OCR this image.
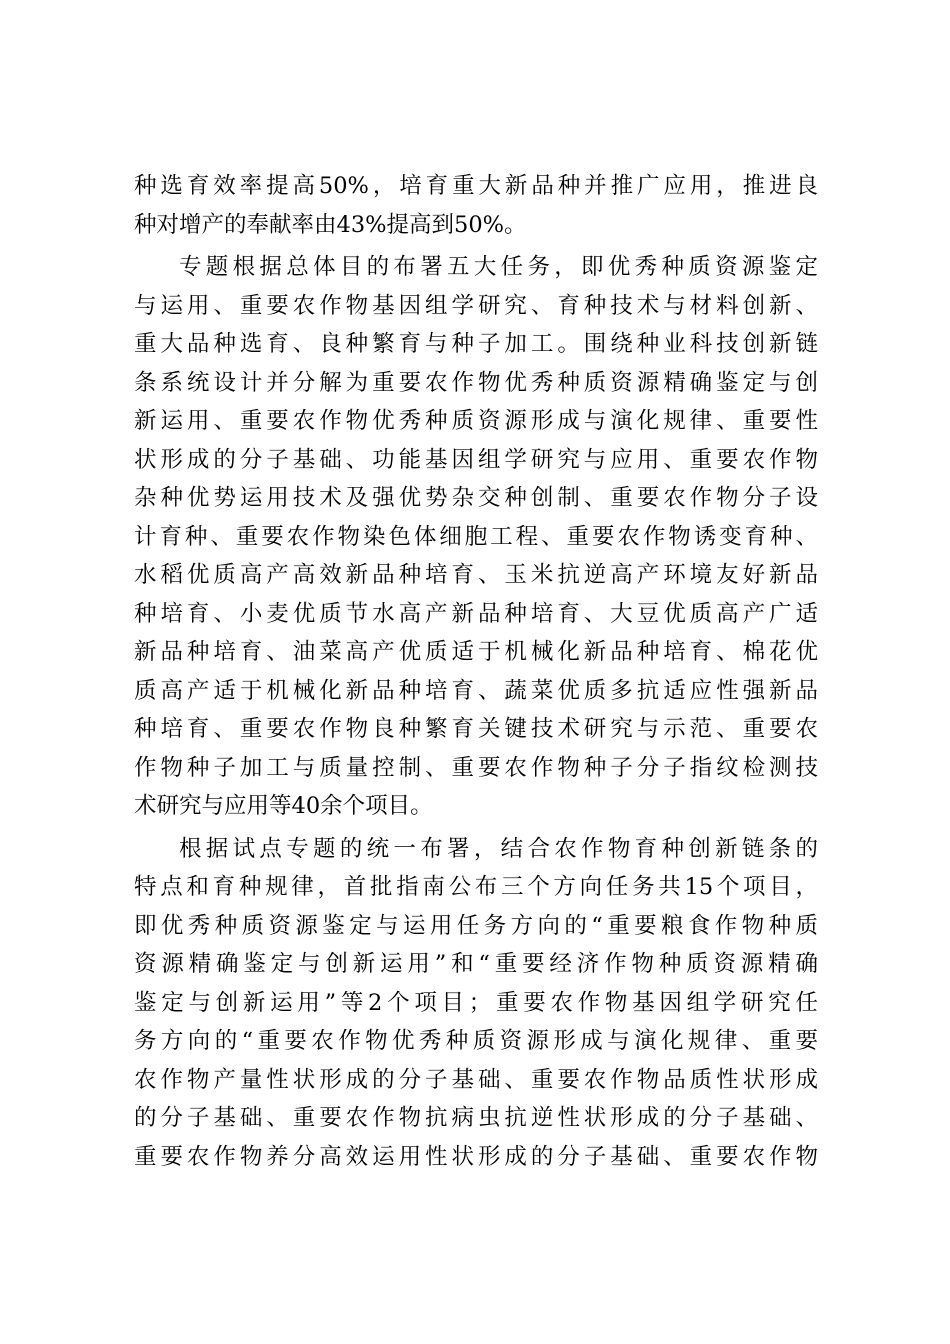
种选育效率提高50%，培育重大新品种并推广应用，推进良
种对增产的奉献率由43%提高到50%。
专题根据总体目的布署五大任务，即优秀种质资源鉴定
与运用、重要农作物基因组学研究、育种技术与材料创新、
重大品种选育、良种繁育与种子加工。围绕种业科技创新链
条系统设计并分解为重要农作物优秀种质资源精确鉴定与创
新运用、重要农作物优秀种质资源形成与演化规律、重要性
状形成的分子基础、功能基因组学研究与应用、重要农作物
杂种优势运用技术及强优势杂交种创制、重要农作物分子设
计育种、重要农作物染色体细胞工程、重要农作物诱变育种、
水稻优质高产高效新品种培育、玉米抗逆高产环境友好新品
种培育、小麦优质节水高产新品种培育、大豆优质高产广适
新品种培育、油菜高产优质适于机械化新品种培育、棉花优
质高产适于机械化新品种培育、蔬菜优质多抗适应性强新品
种培育、重要农作物良种繁育关键技术研究与示范、重要农
作物种子加工与质量控制、重要农作物种子分子指纹检测技
术研究与应用等40余个项目。
根据试点专题的统一布署，结合农作物育种创新链条的
特点和育种规律，首批指南公布三个方向任务共15个项目，
即优秀种质资源鉴定与运用任务方向的“重要粮食作物种质
资源精确鉴定与创新运用”和“重要经济作物种质资源精确
鉴定与创新运用”等2个项目；重要农作物基因组学研究任
务方向的“重要农作物优秀种质资源形成与演化规律、重要
农作物产量性状形成的分子基础、重要农作物品质性状形成
的分子基础、重要农作物抗病虫抗逆性状形成的分子基础、
重要农作物养分高效运用性状形成的分子基础、重要农作物
